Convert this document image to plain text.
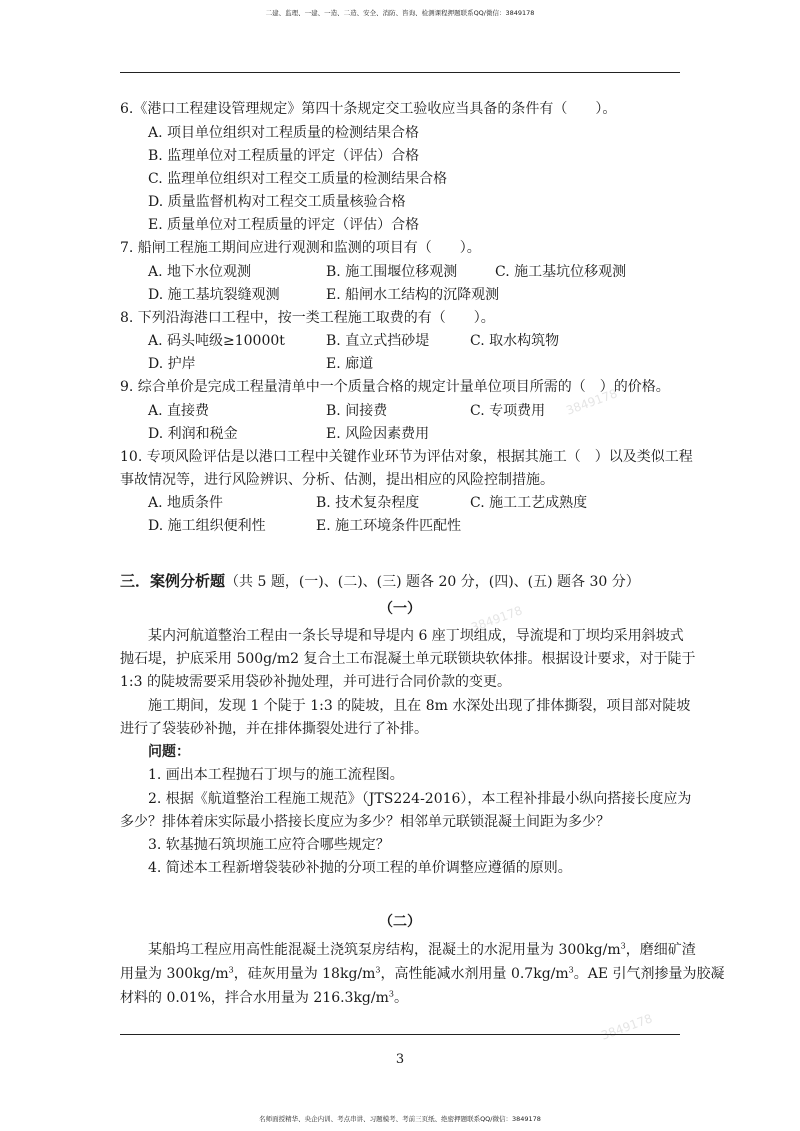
二建、监理、一建、一造、二造、安全、消防、咨询、检测课程押题联系QQ/微信：3849178
6.《港口工程建设管理规定》第四十条规定交工验收应当具备的条件有（　　）。
A. 项目单位组织对工程质量的检测结果合格
B. 监理单位对工程质量的评定（评估）合格
C. 监理单位组织对工程交工质量的检测结果合格
D. 质量监督机构对工程交工质量核验合格
E. 质量单位对工程质量的评定（评估）合格
7. 船闸工程施工期间应进行观测和监测的项目有（　　）。
A. 地下水位观测	B. 施工围堰位移观测	C. 施工基坑位移观测
D. 施工基坑裂缝观测	E. 船闸水工结构的沉降观测
8. 下列沿海港口工程中，按一类工程施工取费的有（　　）。
A. 码头吨级≥10000t	B. 直立式挡砂堤	C. 取水构筑物
D. 护岸	E. 廊道
9. 综合单价是完成工程量清单中一个质量合格的规定计量单位项目所需的（　）的价格。
A. 直接费	B. 间接费	C. 专项费用
D. 利润和税金	E. 风险因素费用
10. 专项风险评估是以港口工程中关键作业环节为评估对象，根据其施工（　）以及类似工程
事故情况等，进行风险辨识、分析、估测，提出相应的风险控制措施。
A. 地质条件	B. 技术复杂程度	C. 施工工艺成熟度
D. 施工组织便利性	E. 施工环境条件匹配性
三．案例分析题（共 5 题，(一)、(二)、(三) 题各 20 分，(四)、(五) 题各 30 分）
（一）
某内河航道整治工程由一条长导堤和导堤内 6 座丁坝组成，导流堤和丁坝均采用斜坡式
抛石堤，护底采用 500g/m2 复合土工布混凝土单元联锁块软体排。根据设计要求，对于陡于
1:3 的陡坡需要采用袋砂补抛处理，并可进行合同价款的变更。
施工期间，发现 1 个陡于 1:3 的陡坡，且在 8m 水深处出现了排体撕裂，项目部对陡坡
进行了袋装砂补抛，并在排体撕裂处进行了补排。
问题：
1. 画出本工程抛石丁坝与的施工流程图。
2. 根据《航道整治工程施工规范》（JTS224-2016），本工程补排最小纵向搭接长度应为
多少？排体着床实际最小搭接长度应为多少？相邻单元联锁混凝土间距为多少？
3. 软基抛石筑坝施工应符合哪些规定？
4. 简述本工程新增袋装砂补抛的分项工程的单价调整应遵循的原则。
（二）
某船坞工程应用高性能混凝土浇筑泵房结构，混凝土的水泥用量为 $300kg/m^3$，磨细矿渣
用量为 $300kg/m^3$，硅灰用量为 $18kg/m^3$，高性能减水剂用量 $0.7kg/m^3$。AE 引气剂掺量为胶凝
材料的 0.01%，拌合水用量为 $216.3kg/m^3$。
3849178
3849178
3849178
3
名师面授精华、央企内训、考点串讲、习题模考、考前三页纸、绝密押题联系QQ/微信：3849178
